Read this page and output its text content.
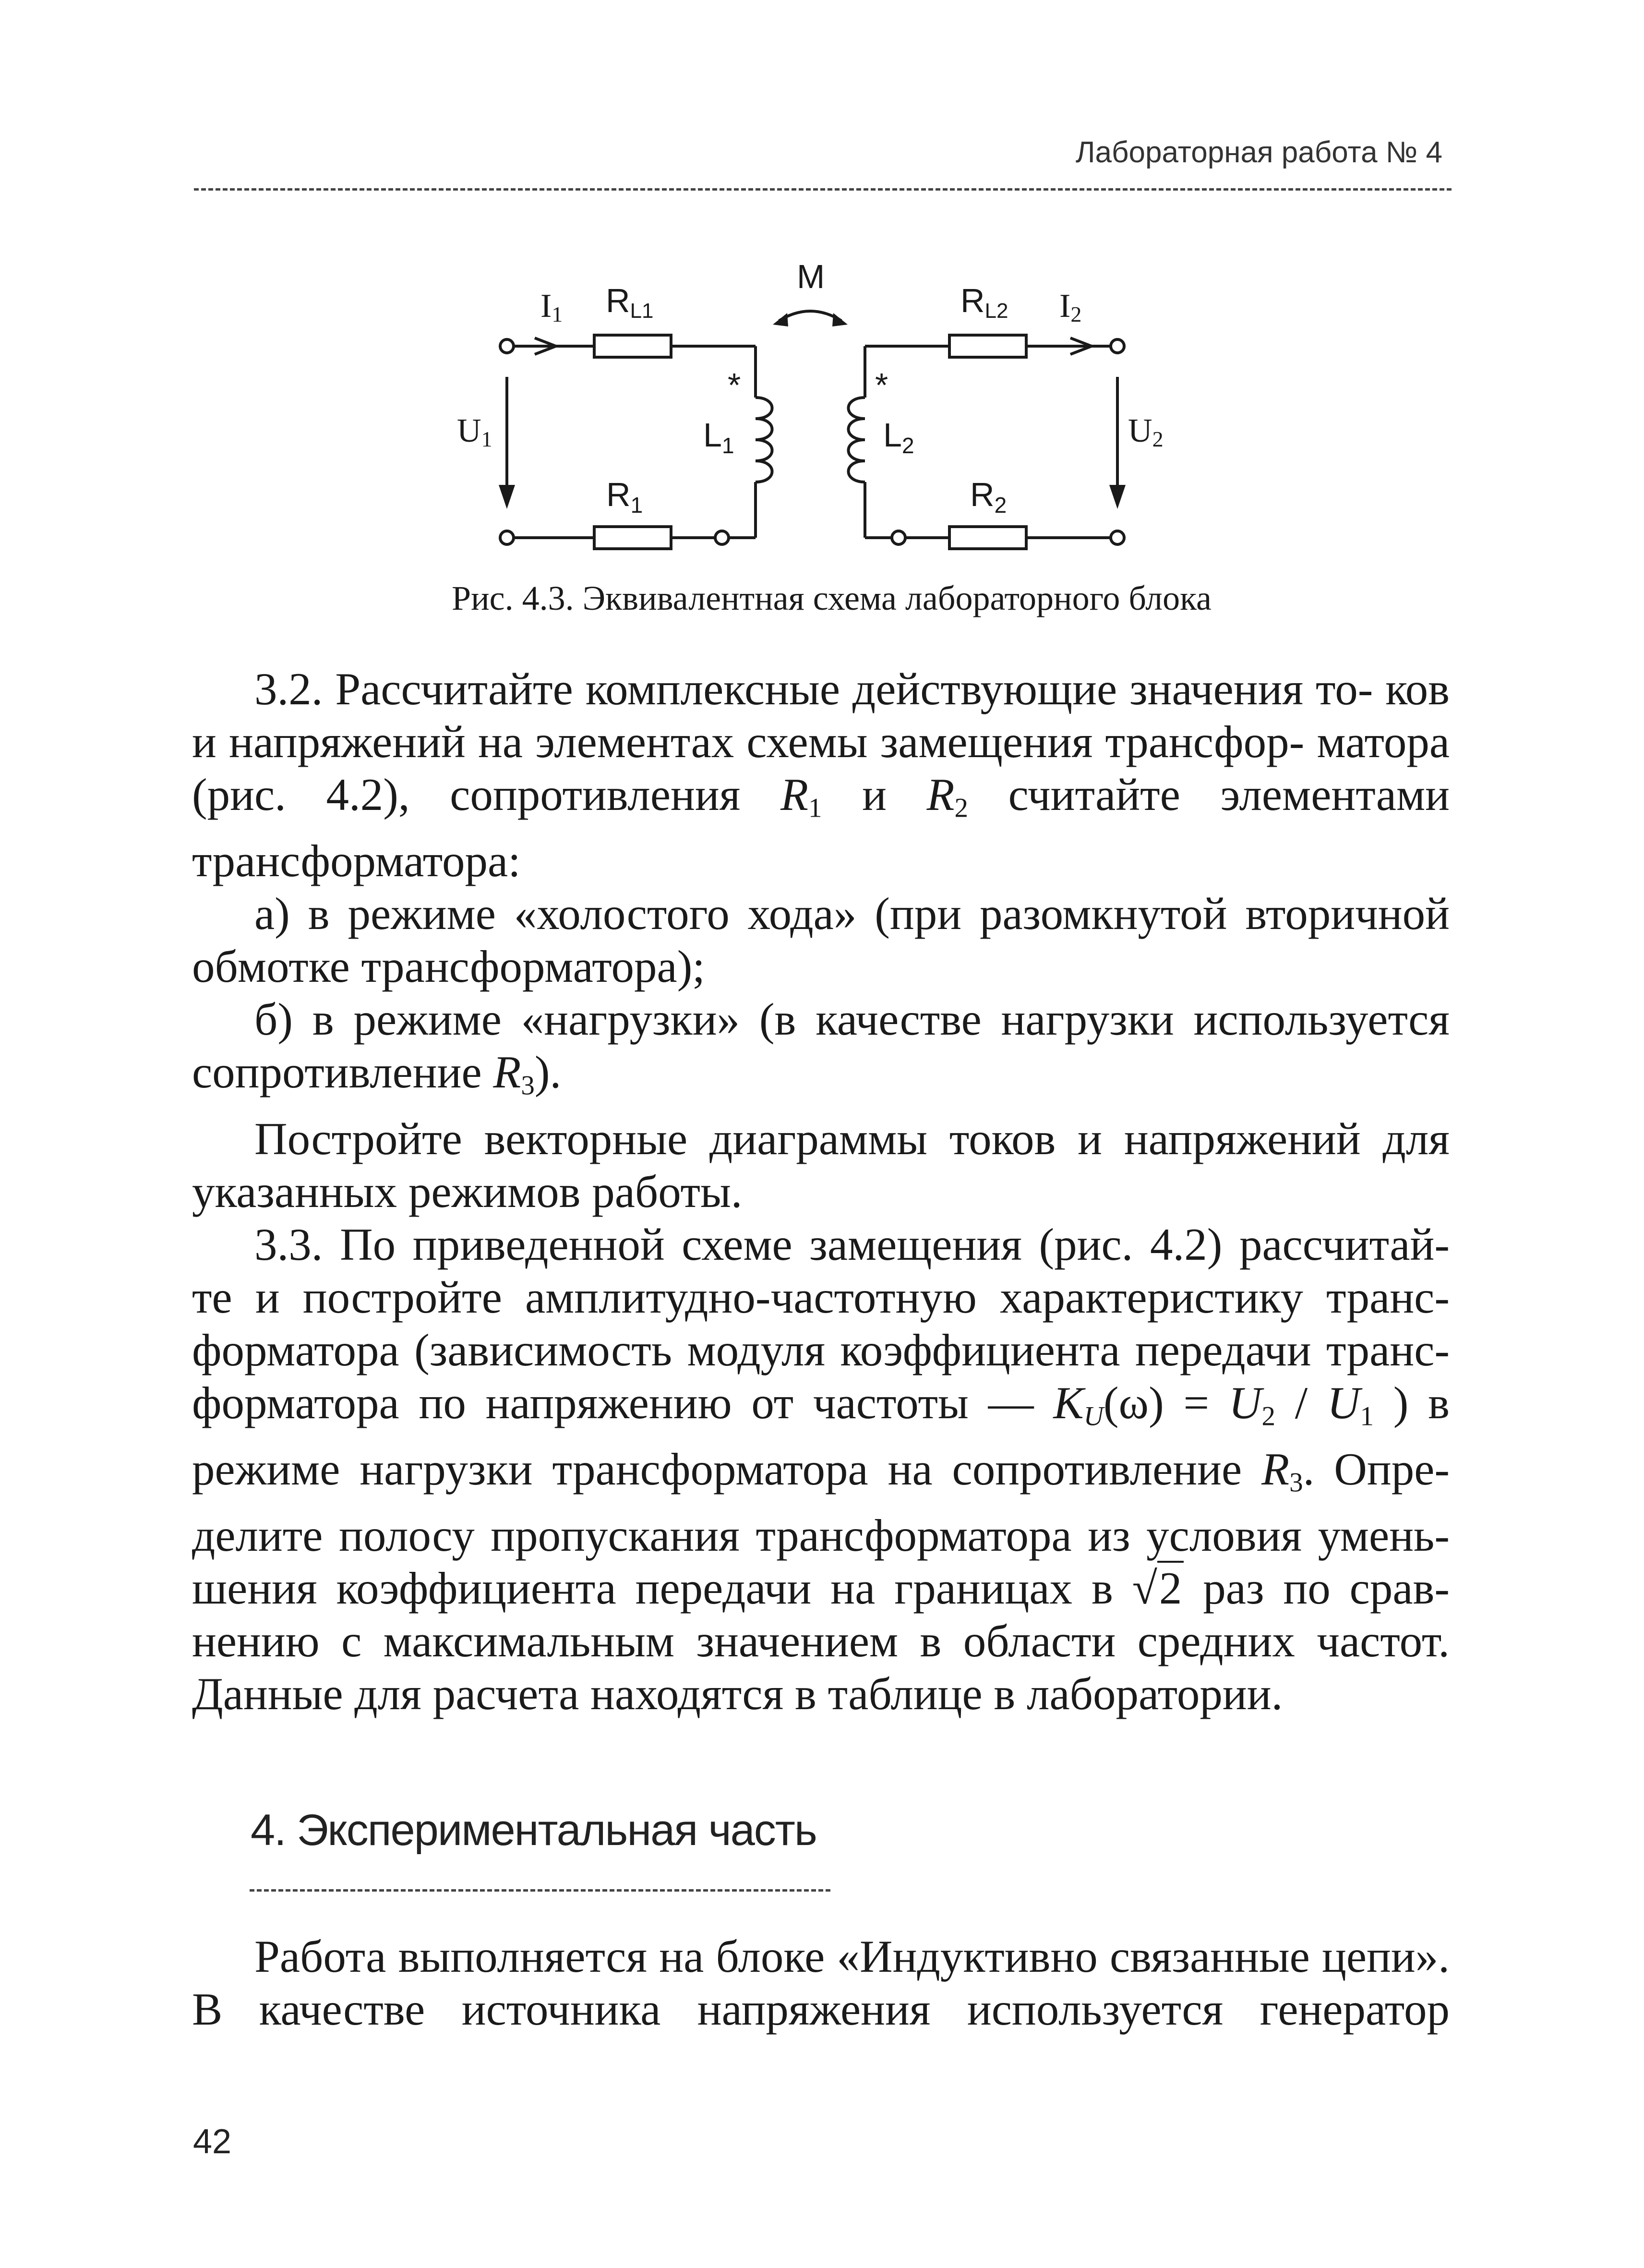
Лабораторная работа № 4
I1 RL1
M
RL2 I2
U1
*
$L_1$
*
$L_2$	U2
$R_1$	$R_2$
Рис. 4.3. Эквивалентная схема лабораторного блока

3.2. Рассчитайте комплексные действующие значения то- ков и напряжений на элементах схемы замещения трансфор- матора (рис. 4.2), сопротивления $R_1$ и $R_2$ считайте элементами трансформатора:

а) в режиме «холостого хода» (при разомкнутой вторичной обмотке трансформатора);

б) в режиме «нагрузки» (в качестве нагрузки используется сопротивление $R_3$).

Постройте векторные диаграммы токов и напряжений для указанных режимов работы.

3.3. По приведенной схеме замещения (рис. 4.2) рассчитай- те и постройте амплитудно-частотную характеристику транс- форматора (зависимость модуля коэффициента передачи транс- форматора по напряжению от частоты — $K_U(\omega) = U_2 / U_1$ ) в режиме нагрузки трансформатора на сопротивление $R_3$. Опре- делите полосу пропускания трансформатора из условия умень- шения коэффициента передачи на границах в √2 раз по срав- нению с максимальным значением в области средних частот. Данные для расчета находятся в таблице в лаборатории.

4. Экспериментальная часть

Работа выполняется на блоке «Индуктивно связанные цепи».

В качестве источника напряжения используется генератор

42
